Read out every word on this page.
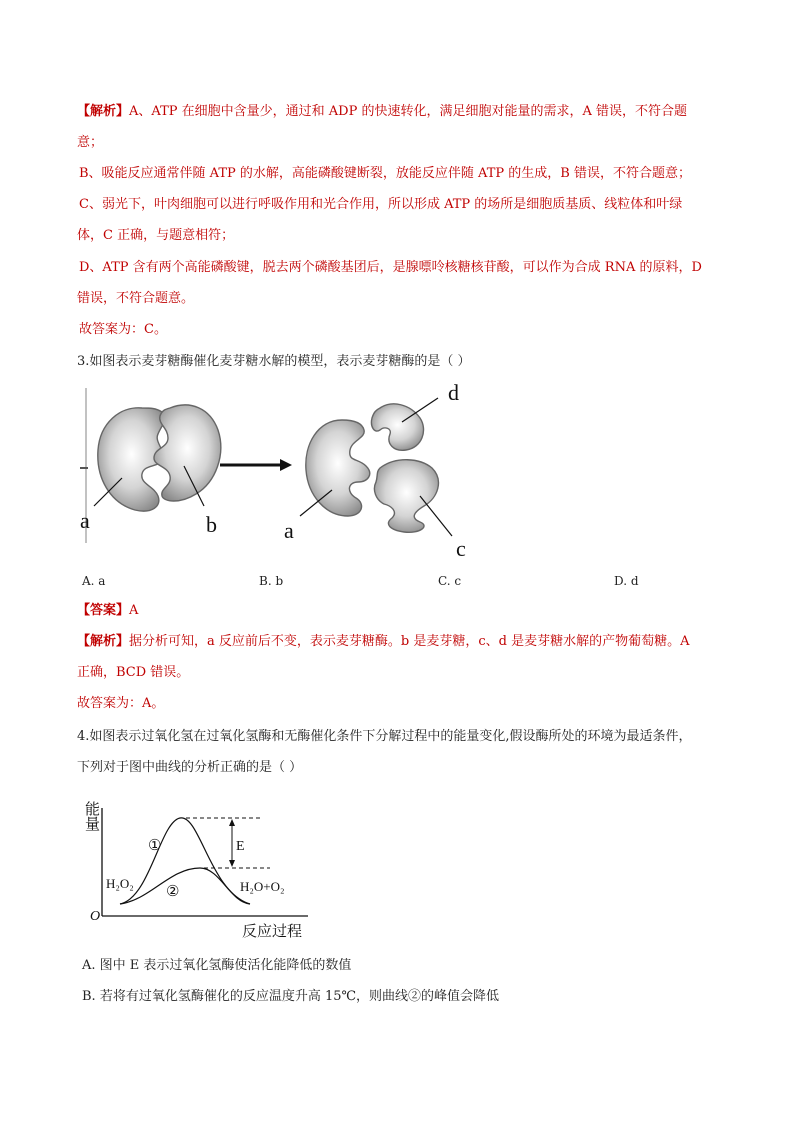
【解析】A、ATP 在细胞中含量少，通过和 ADP 的快速转化，满足细胞对能量的需求，A 错误，不符合题
意；
B、吸能反应通常伴随 ATP 的水解，高能磷酸键断裂，放能反应伴随 ATP 的生成，B 错误，不符合题意；
C、弱光下，叶肉细胞可以进行呼吸作用和光合作用，所以形成 ATP 的场所是细胞质基质、线粒体和叶绿
体，C 正确，与题意相符；
D、ATP 含有两个高能磷酸键，脱去两个磷酸基团后，是腺嘌呤核糖核苷酸，可以作为合成 RNA 的原料，D
错误，不符合题意。
故答案为：C。
3.如图表示麦芽糖酶催化麦芽糖水解的模型，表示麦芽糖酶的是（ ）
a	b	a
c
d
A. a	B. b	C. c	D. d
【答案】A
【解析】据分析可知，a 反应前后不变，表示麦芽糖酶。b 是麦芽糖，c、d 是麦芽糖水解的产物葡萄糖。A
正确，BCD 错误。
故答案为：A。
4.如图表示过氧化氢在过氧化氢酶和无酶催化条件下分解过程中的能量变化,假设酶所处的环境为最适条件，
下列对于图中曲线的分析正确的是（ ）
能量
O
E
①
②
H₂O₂	H₂O+O₂
反应过程
A. 图中 E 表示过氧化氢酶使活化能降低的数值
B. 若将有过氧化氢酶催化的反应温度升高 15℃，则曲线②的峰值会降低
